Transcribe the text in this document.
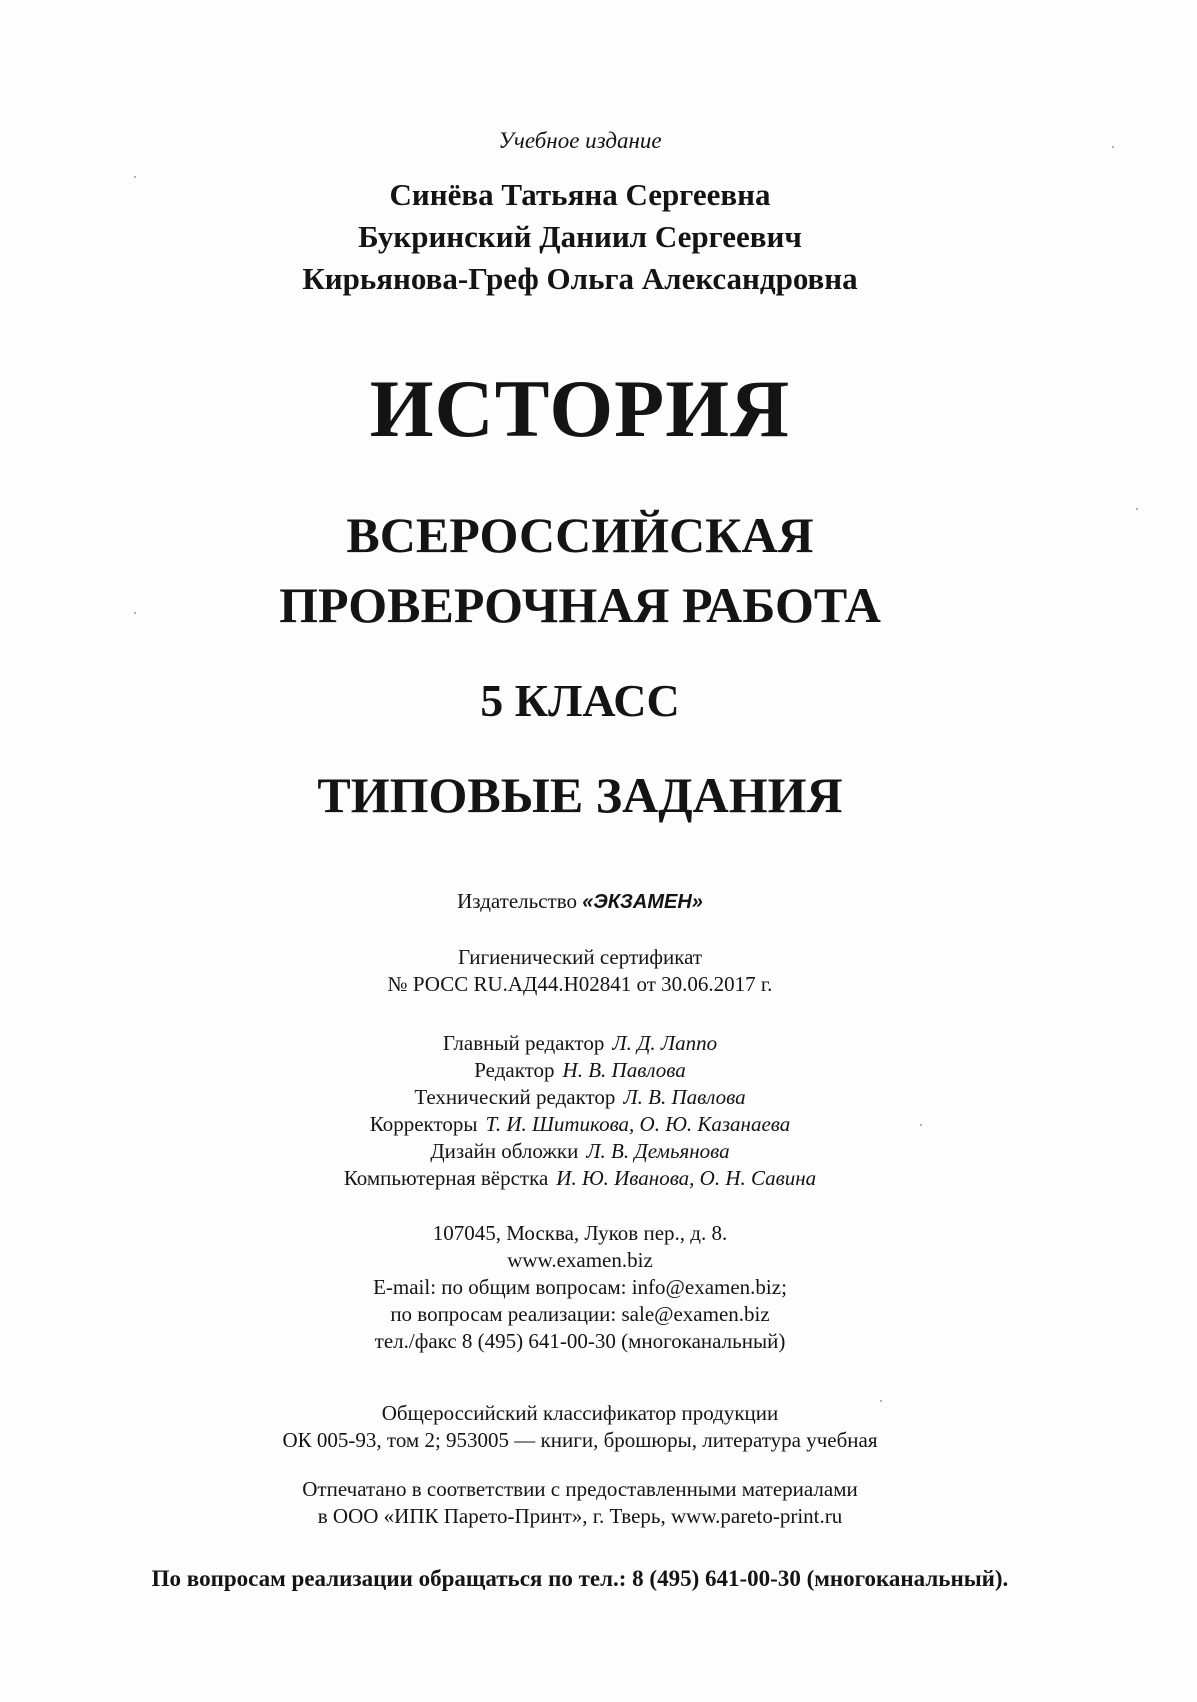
Учебное издание
Синёва Татьяна Сергеевна
Букринский Даниил Сергеевич
Кирьянова-Греф Ольга Александровна
ИСТОРИЯ
ВСЕРОССИЙСКАЯ
ПРОВЕРОЧНАЯ РАБОТА
5 КЛАСС
ТИПОВЫЕ ЗАДАНИЯ
Издательство «ЭКЗАМЕН»
Гигиенический сертификат
№ РОСС RU.АД44.Н02841 от 30.06.2017 г.
Главный редактор Л. Д. Лаппо
Редактор Н. В. Павлова
Технический редактор Л. В. Павлова
Корректоры Т. И. Шитикова, О. Ю. Казанаева
Дизайн обложки Л. В. Демьянова
Компьютерная вёрстка И. Ю. Иванова, О. Н. Савина
107045, Москва, Луков пер., д. 8.
www.examen.biz
E-mail: по общим вопросам: info@examen.biz;
по вопросам реализации: sale@examen.biz
тел./факс 8 (495) 641-00-30 (многоканальный)
Общероссийский классификатор продукции
ОК 005-93, том 2; 953005 — книги, брошюры, литература учебная
Отпечатано в соответствии с предоставленными материалами
в ООО «ИПК Парето-Принт», г. Тверь, www.pareto-print.ru
По вопросам реализации обращаться по тел.: 8 (495) 641-00-30 (многоканальный).
